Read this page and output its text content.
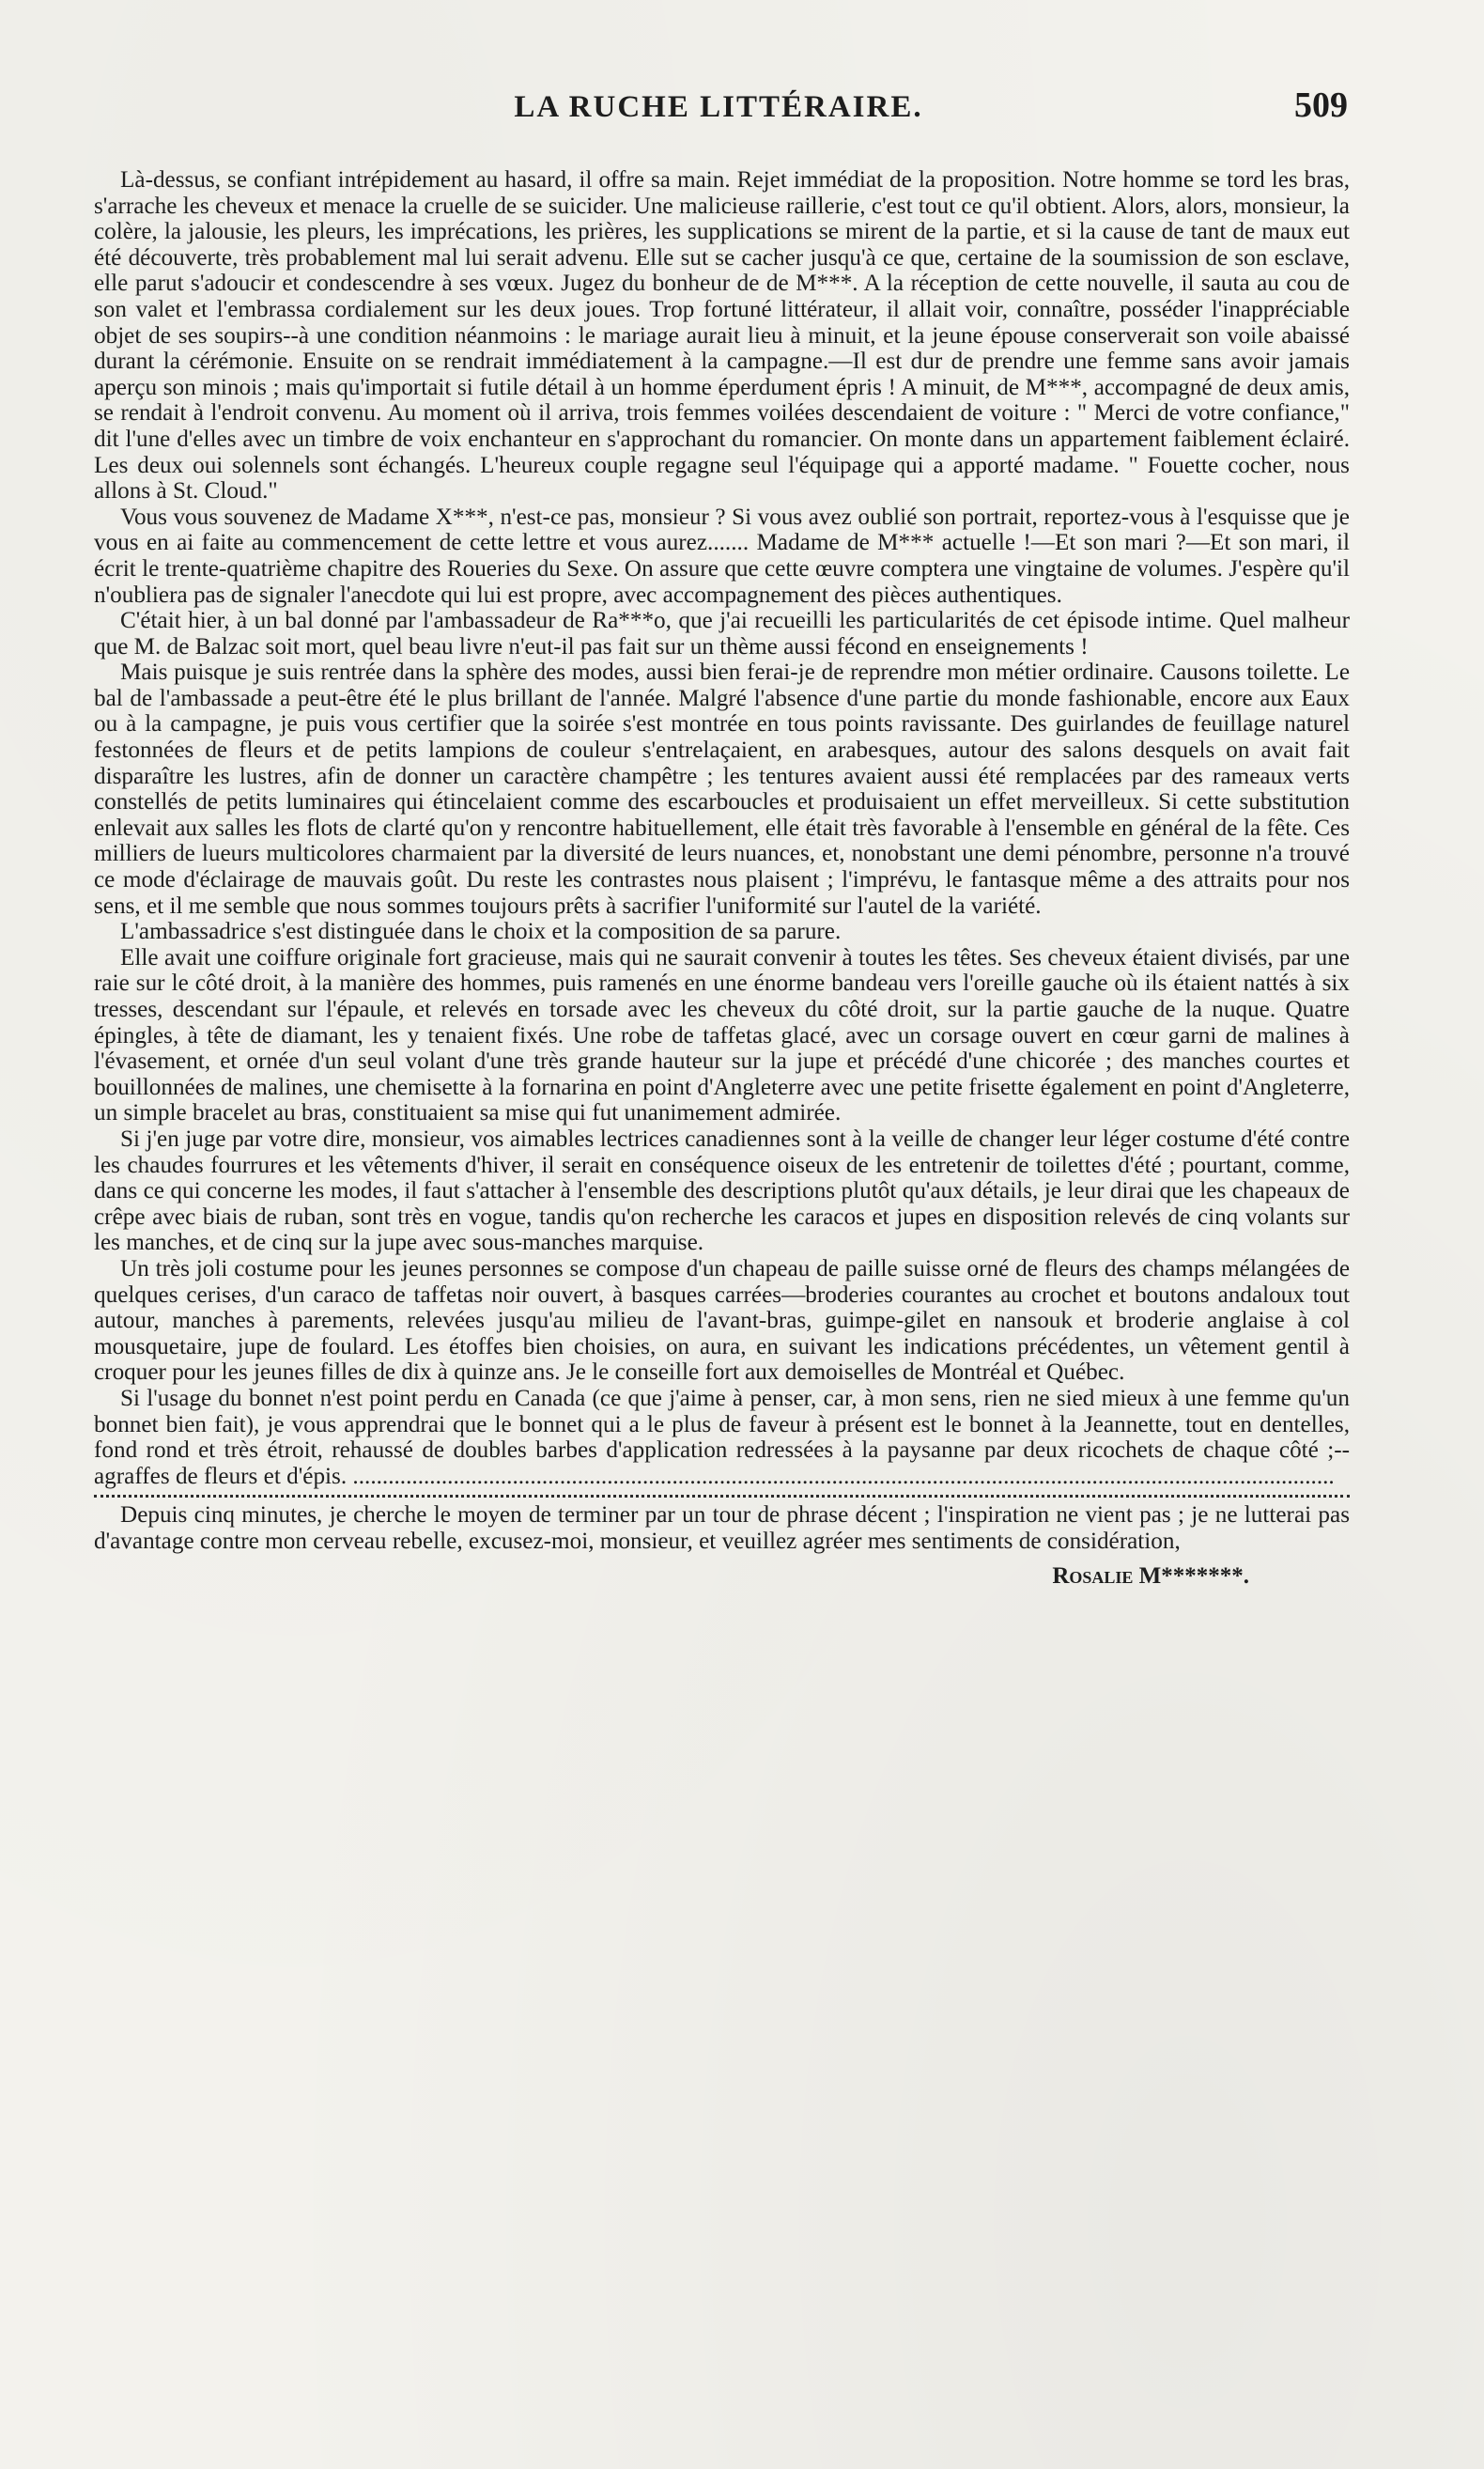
LA RUCHE LITTÉRAIRE.	509

Là-dessus, se confiant intrépidement au hasard, il offre sa main. Rejet immédiat de la proposition. Notre homme se tord les bras, s'arrache les cheveux et menace la cruelle de se suicider. Une malicieuse raillerie, c'est tout ce qu'il obtient. Alors, alors, monsieur, la colère, la jalousie, les pleurs, les imprécations, les prières, les supplications se mirent de la partie, et si la cause de tant de maux eut été découverte, très probablement mal lui serait advenu. Elle sut se cacher jusqu'à ce que, certaine de la soumission de son esclave, elle parut s'adoucir et condescendre à ses vœux. Jugez du bonheur de de M***. A la réception de cette nouvelle, il sauta au cou de son valet et l'embrassa cordialement sur les deux joues. Trop fortuné littérateur, il allait voir, connaître, posséder l'inappréciable objet de ses soupirs--à une condition néanmoins : le mariage aurait lieu à minuit, et la jeune épouse conserverait son voile abaissé durant la cérémonie. Ensuite on se rendrait immédiatement à la campagne.—Il est dur de prendre une femme sans avoir jamais aperçu son minois ; mais qu'importait si futile détail à un homme éperdument épris ! A minuit, de M***, accompagné de deux amis, se rendait à l'endroit convenu. Au moment où il arriva, trois femmes voilées descendaient de voiture : " Merci de votre confiance," dit l'une d'elles avec un timbre de voix enchanteur en s'approchant du romancier. On monte dans un appartement faiblement éclairé. Les deux oui solennels sont échangés. L'heureux couple regagne seul l'équipage qui a apporté madame. " Fouette cocher, nous allons à St. Cloud."

Vous vous souvenez de Madame X***, n'est-ce pas, monsieur ? Si vous avez oublié son portrait, reportez-vous à l'esquisse que je vous en ai faite au commencement de cette lettre et vous aurez....... Madame de M*** actuelle !—Et son mari ?—Et son mari, il écrit le trente-quatrième chapitre des Roueries du Sexe. On assure que cette œuvre comptera une vingtaine de volumes. J'espère qu'il n'oubliera pas de signaler l'anecdote qui lui est propre, avec accompagnement des pièces authentiques.

C'était hier, à un bal donné par l'ambassadeur de Ra***o, que j'ai recueilli les particularités de cet épisode intime. Quel malheur que M. de Balzac soit mort, quel beau livre n'eut-il pas fait sur un thème aussi fécond en enseignements !

Mais puisque je suis rentrée dans la sphère des modes, aussi bien ferai-je de reprendre mon métier ordinaire. Causons toilette. Le bal de l'ambassade a peut-être été le plus brillant de l'année. Malgré l'absence d'une partie du monde fashionable, encore aux Eaux ou à la campagne, je puis vous certifier que la soirée s'est montrée en tous points ravissante. Des guirlandes de feuillage naturel festonnées de fleurs et de petits lampions de couleur s'entrelaçaient, en arabesques, autour des salons desquels on avait fait disparaître les lustres, afin de donner un caractère champêtre ; les tentures avaient aussi été remplacées par des rameaux verts constellés de petits luminaires qui étincelaient comme des escarboucles et produisaient un effet merveilleux. Si cette substitution enlevait aux salles les flots de clarté qu'on y rencontre habituellement, elle était très favorable à l'ensemble en général de la fête. Ces milliers de lueurs multicolores charmaient par la diversité de leurs nuances, et, nonobstant une demi pénombre, personne n'a trouvé ce mode d'éclairage de mauvais goût. Du reste les contrastes nous plaisent ; l'imprévu, le fantasque même a des attraits pour nos sens, et il me semble que nous sommes toujours prêts à sacrifier l'uniformité sur l'autel de la variété.

L'ambassadrice s'est distinguée dans le choix et la composition de sa parure.

Elle avait une coiffure originale fort gracieuse, mais qui ne saurait convenir à toutes les têtes. Ses cheveux étaient divisés, par une raie sur le côté droit, à la manière des hommes, puis ramenés en une énorme bandeau vers l'oreille gauche où ils étaient nattés à six tresses, descendant sur l'épaule, et relevés en torsade avec les cheveux du côté droit, sur la partie gauche de la nuque. Quatre épingles, à tête de diamant, les y tenaient fixés. Une robe de taffetas glacé, avec un corsage ouvert en cœur garni de malines à l'évasement, et ornée d'un seul volant d'une très grande hauteur sur la jupe et précédé d'une chicorée ; des manches courtes et bouillonnées de malines, une chemisette à la fornarina en point d'Angleterre avec une petite frisette également en point d'Angleterre, un simple bracelet au bras, constituaient sa mise qui fut unanimement admirée.

Si j'en juge par votre dire, monsieur, vos aimables lectrices canadiennes sont à la veille de changer leur léger costume d'été contre les chaudes fourrures et les vêtements d'hiver, il serait en conséquence oiseux de les entretenir de toilettes d'été ; pourtant, comme, dans ce qui concerne les modes, il faut s'attacher à l'ensemble des descriptions plutôt qu'aux détails, je leur dirai que les chapeaux de crêpe avec biais de ruban, sont très en vogue, tandis qu'on recherche les caracos et jupes en disposition relevés de cinq volants sur les manches, et de cinq sur la jupe avec sous-manches marquise.

Un très joli costume pour les jeunes personnes se compose d'un chapeau de paille suisse orné de fleurs des champs mélangées de quelques cerises, d'un caraco de taffetas noir ouvert, à basques carrées—broderies courantes au crochet et boutons andaloux tout autour, manches à parements, relevées jusqu'au milieu de l'avant-bras, guimpe-gilet en nansouk et broderie anglaise à col mousquetaire, jupe de foulard. Les étoffes bien choisies, on aura, en suivant les indications précédentes, un vêtement gentil à croquer pour les jeunes filles de dix à quinze ans. Je le conseille fort aux demoiselles de Montréal et Québec.

Si l'usage du bonnet n'est point perdu en Canada (ce que j'aime à penser, car, à mon sens, rien ne sied mieux à une femme qu'un bonnet bien fait), je vous apprendrai que le bonnet qui a le plus de faveur à présent est le bonnet à la Jeannette, tout en dentelles, fond rond et très étroit, rehaussé de doubles barbes d'application redressées à la paysanne par deux ricochets de chaque côté ;--agraffes de fleurs et d'épis. ......................................................................................................................................................................

Depuis cinq minutes, je cherche le moyen de terminer par un tour de phrase décent ; l'inspiration ne vient pas ; je ne lutterai pas d'avantage contre mon cerveau rebelle, excusez-moi, monsieur, et veuillez agréer mes sentiments de considération,

Rosalie M*******.
